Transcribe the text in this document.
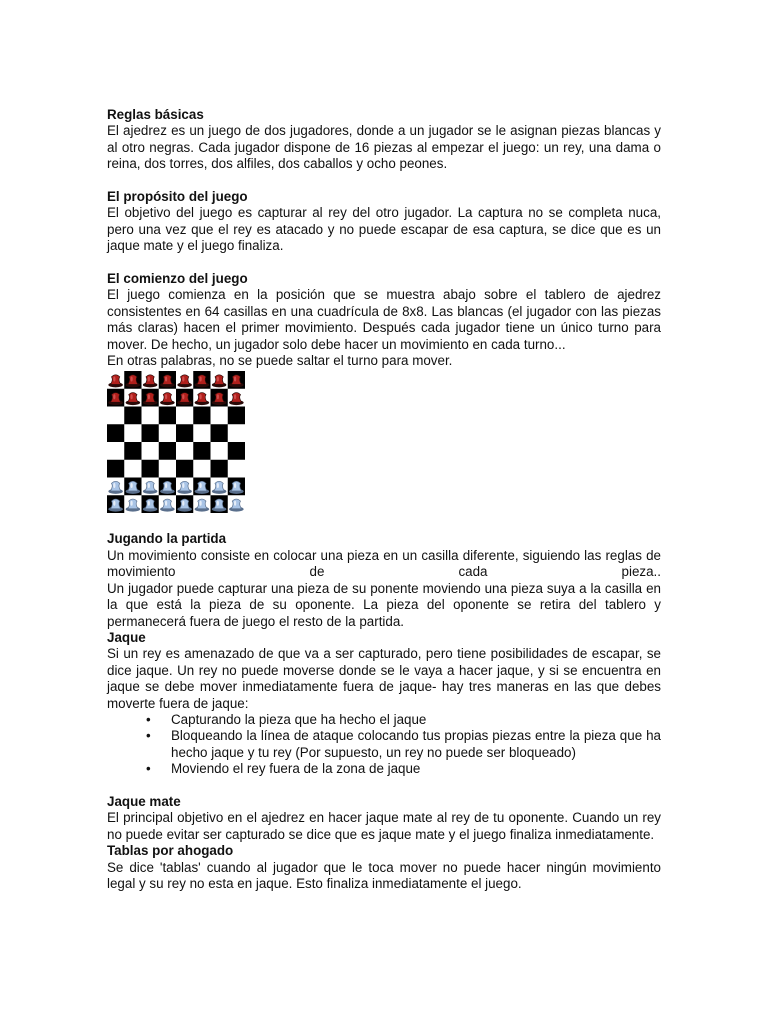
Reglas básicas
El ajedrez es un juego de dos jugadores, donde a un jugador se le asignan piezas blancas y al otro negras. Cada jugador dispone de 16 piezas al empezar el juego: un rey, una dama o reina, dos torres, dos alfiles, dos caballos y ocho peones.
El propósito del juego
El objetivo del juego es capturar al rey del otro jugador. La captura no se completa nuca, pero una vez que el rey es atacado y no puede escapar de esa captura, se dice que es un jaque mate y el juego finaliza.
El comienzo del juego
El juego comienza en la posición que se muestra abajo sobre el tablero de ajedrez consistentes en 64 casillas en una cuadrícula de 8x8. Las blancas (el jugador con las piezas más claras) hacen el primer movimiento. Después cada jugador tiene un único turno para mover. De hecho, un jugador solo debe hacer un movimiento en cada turno...
En otras palabras, no se puede saltar el turno para mover.
Jugando la partida
Un movimiento consiste en colocar una pieza en un casilla diferente, siguiendo las reglas de movimiento de cada pieza..
Un jugador puede capturar una pieza de su ponente moviendo una pieza suya a la casilla en la que está la pieza de su oponente. La pieza del oponente se retira del tablero y permanecerá fuera de juego el resto de la partida.
Jaque
Si un rey es amenazado de que va a ser capturado, pero tiene posibilidades de escapar, se dice jaque. Un rey no puede moverse donde se le vaya a hacer jaque, y si se encuentra en jaque se debe mover inmediatamente fuera de jaque- hay tres maneras en las que debes moverte fuera de jaque:
• Capturando la pieza que ha hecho el jaque
• Bloqueando la línea de ataque colocando tus propias piezas entre la pieza que ha hecho jaque y tu rey (Por supuesto, un rey no puede ser bloqueado)
• Moviendo el rey fuera de la zona de jaque
Jaque mate
El principal objetivo en el ajedrez en hacer jaque mate al rey de tu oponente. Cuando un rey no puede evitar ser capturado se dice que es jaque mate y el juego finaliza inmediatamente.
Tablas por ahogado
Se dice 'tablas' cuando al jugador que le toca mover no puede hacer ningún movimiento legal y su rey no esta en jaque. Esto finaliza inmediatamente el juego.
